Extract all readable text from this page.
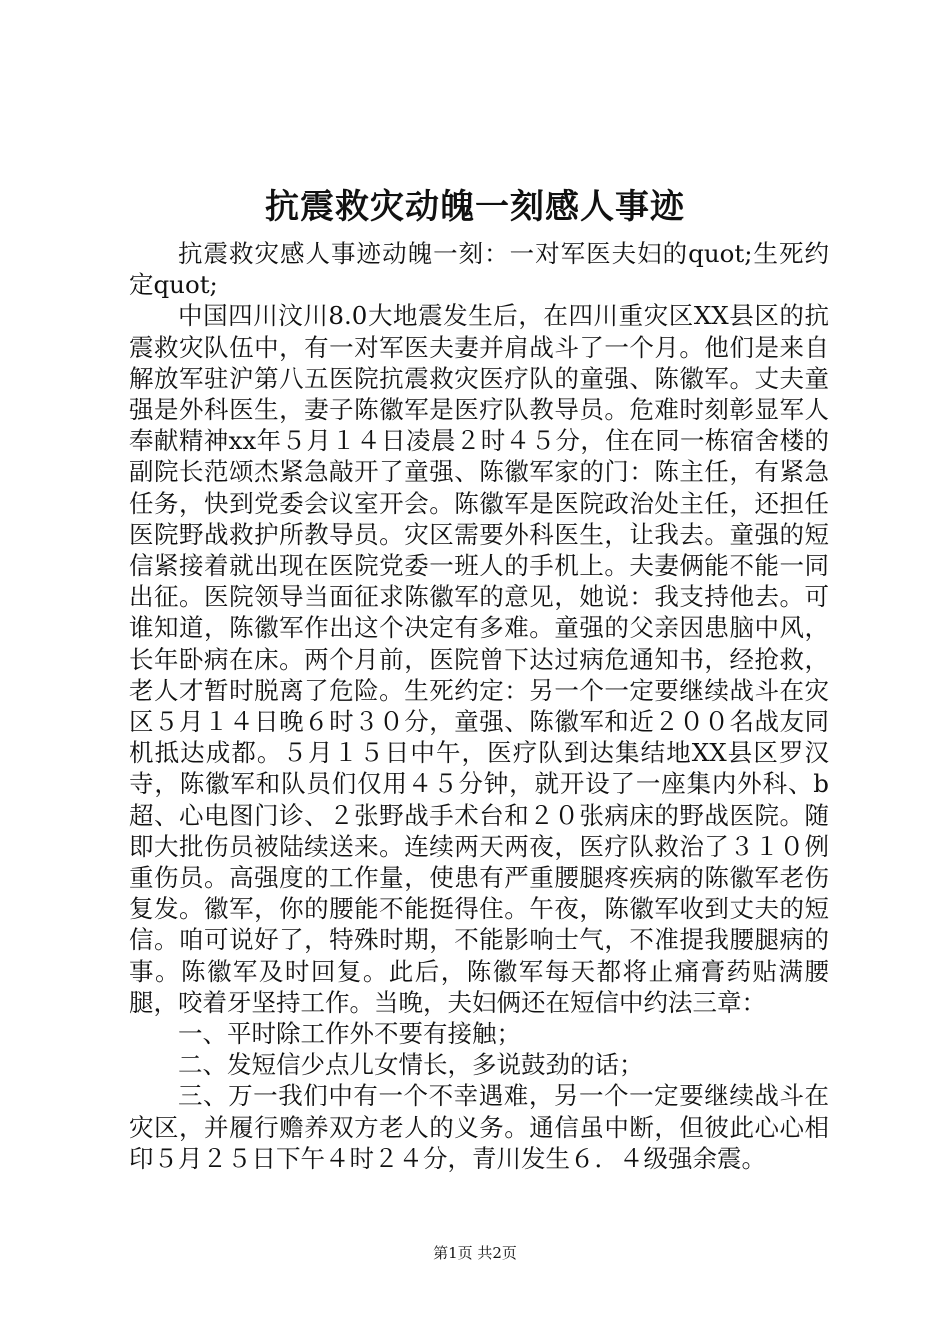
抗震救灾动魄一刻感人事迹

抗震救灾感人事迹动魄一刻：一对军医夫妇的quot;生死约定quot;

中国四川汶川8.0大地震发生后，在四川重灾区XX县区的抗震救灾队伍中，有一对军医夫妻并肩战斗了一个月。他们是来自解放军驻沪第八五医院抗震救灾医疗队的童强、陈徽军。丈夫童强是外科医生，妻子陈徽军是医疗队教导员。危难时刻彰显军人奉献精神xx年５月１４日凌晨２时４５分，住在同一栋宿舍楼的副院长范颂杰紧急敲开了童强、陈徽军家的门：陈主任，有紧急任务，快到党委会议室开会。陈徽军是医院政治处主任，还担任医院野战救护所教导员。灾区需要外科医生，让我去。童强的短信紧接着就出现在医院党委一班人的手机上。夫妻俩能不能一同出征。医院领导当面征求陈徽军的意见，她说：我支持他去。可谁知道，陈徽军作出这个决定有多难。童强的父亲因患脑中风，长年卧病在床。两个月前，医院曾下达过病危通知书，经抢救，老人才暂时脱离了危险。生死约定：另一个一定要继续战斗在灾区５月１４日晚６时３０分，童强、陈徽军和近２００名战友同机抵达成都。５月１５日中午，医疗队到达集结地XX县区罗汉寺，陈徽军和队员们仅用４５分钟，就开设了一座集内外科、b超、心电图门诊、２张野战手术台和２０张病床的野战医院。随即大批伤员被陆续送来。连续两天两夜，医疗队救治了３１０例重伤员。高强度的工作量，使患有严重腰腿疼疾病的陈徽军老伤复发。徽军，你的腰能不能挺得住。午夜，陈徽军收到丈夫的短信。咱可说好了，特殊时期，不能影响士气，不准提我腰腿病的事。陈徽军及时回复。此后，陈徽军每天都将止痛膏药贴满腰腿，咬着牙坚持工作。当晚，夫妇俩还在短信中约法三章：

一、平时除工作外不要有接触；

二、发短信少点儿女情长，多说鼓劲的话；

三、万一我们中有一个不幸遇难，另一个一定要继续战斗在灾区，并履行赡养双方老人的义务。通信虽中断，但彼此心心相印５月２５日下午４时２４分，青川发生６．４级强余震。

第1页 共2页
